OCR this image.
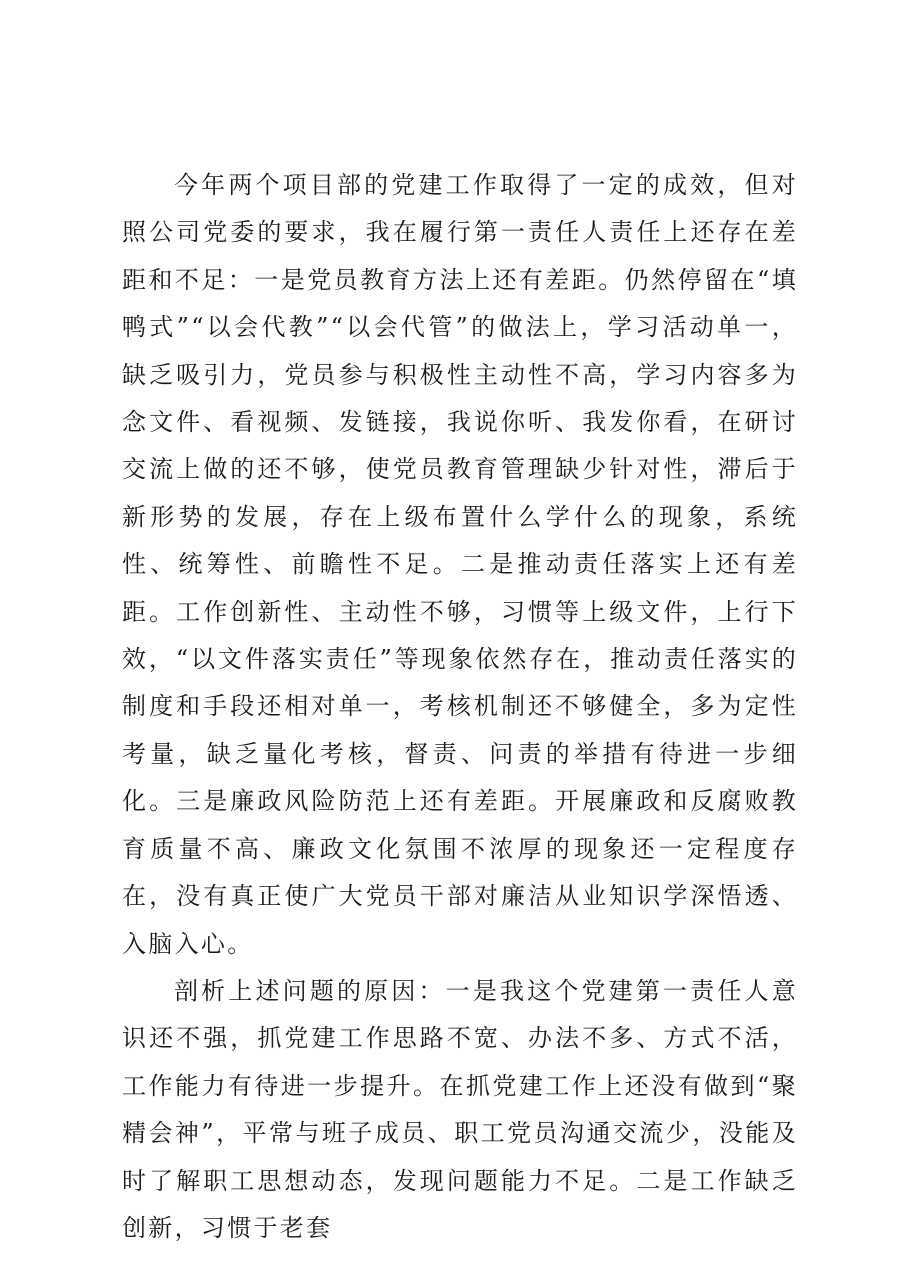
今年两个项目部的党建工作取得了一定的成效，但对照公司党委的要求，我在履行第一责任人责任上还存在差距和不足：一是党员教育方法上还有差距。仍然停留在“填鸭式”“以会代教”“以会代管”的做法上，学习活动单一，缺乏吸引力，党员参与积极性主动性不高，学习内容多为念文件、看视频、发链接，我说你听、我发你看，在研讨交流上做的还不够，使党员教育管理缺少针对性，滞后于新形势的发展，存在上级布置什么学什么的现象，系统性、统筹性、前瞻性不足。二是推动责任落实上还有差距。工作创新性、主动性不够，习惯等上级文件，上行下效，“以文件落实责任”等现象依然存在，推动责任落实的制度和手段还相对单一，考核机制还不够健全，多为定性考量，缺乏量化考核，督责、问责的举措有待进一步细化。三是廉政风险防范上还有差距。开展廉政和反腐败教育质量不高、廉政文化氛围不浓厚的现象还一定程度存在，没有真正使广大党员干部对廉洁从业知识学深悟透、入脑入心。

剖析上述问题的原因：一是我这个党建第一责任人意识还不强，抓党建工作思路不宽、办法不多、方式不活，工作能力有待进一步提升。在抓党建工作上还没有做到“聚精会神”，平常与班子成员、职工党员沟通交流少，没能及时了解职工思想动态，发现问题能力不足。二是工作缺乏创新，习惯于老套
